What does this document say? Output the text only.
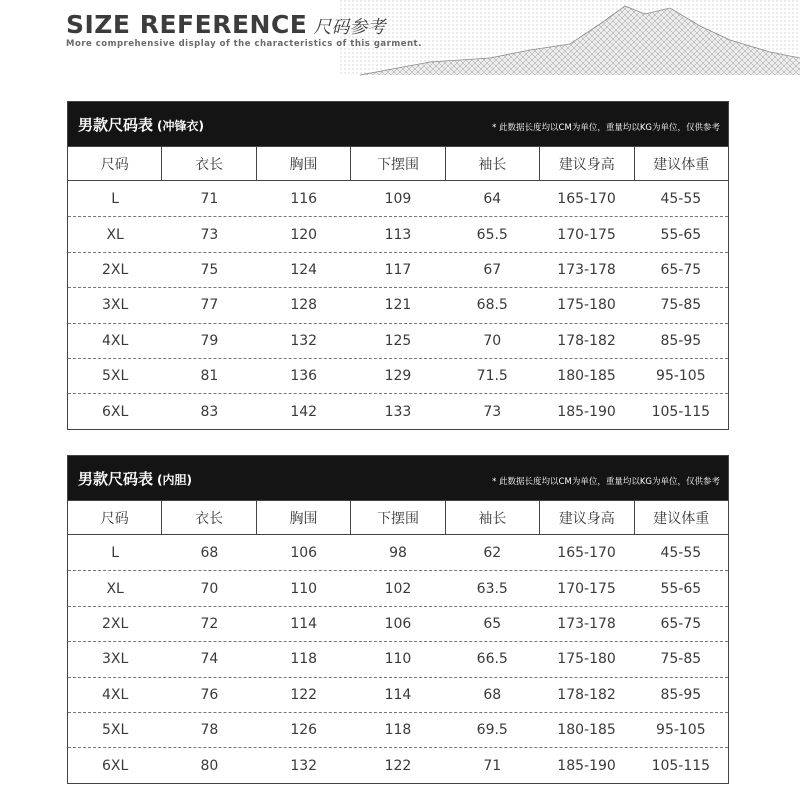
SIZE REFERENCE 尺码参考
More comprehensive display of the characteristics of this garment.
男款尺码表 (冲锋衣)	* 此数据长度均以CM为单位，重量均以KG为单位，仅供参考
尺码	衣长	胸围	下摆围	袖长	建议身高	建议体重
L	71	116	109	64	165-170	45-55
XL	73	120	113	65.5	170-175	55-65
2XL	75	124	117	67	173-178	65-75
3XL	77	128	121	68.5	175-180	75-85
4XL	79	132	125	70	178-182	85-95
5XL	81	136	129	71.5	180-185	95-105
6XL	83	142	133	73	185-190	105-115
男款尺码表 (内胆)	* 此数据长度均以CM为单位，重量均以KG为单位，仅供参考
尺码	衣长	胸围	下摆围	袖长	建议身高	建议体重
L	68	106	98	62	165-170	45-55
XL	70	110	102	63.5	170-175	55-65
2XL	72	114	106	65	173-178	65-75
3XL	74	118	110	66.5	175-180	75-85
4XL	76	122	114	68	178-182	85-95
5XL	78	126	118	69.5	180-185	95-105
6XL	80	132	122	71	185-190	105-115
